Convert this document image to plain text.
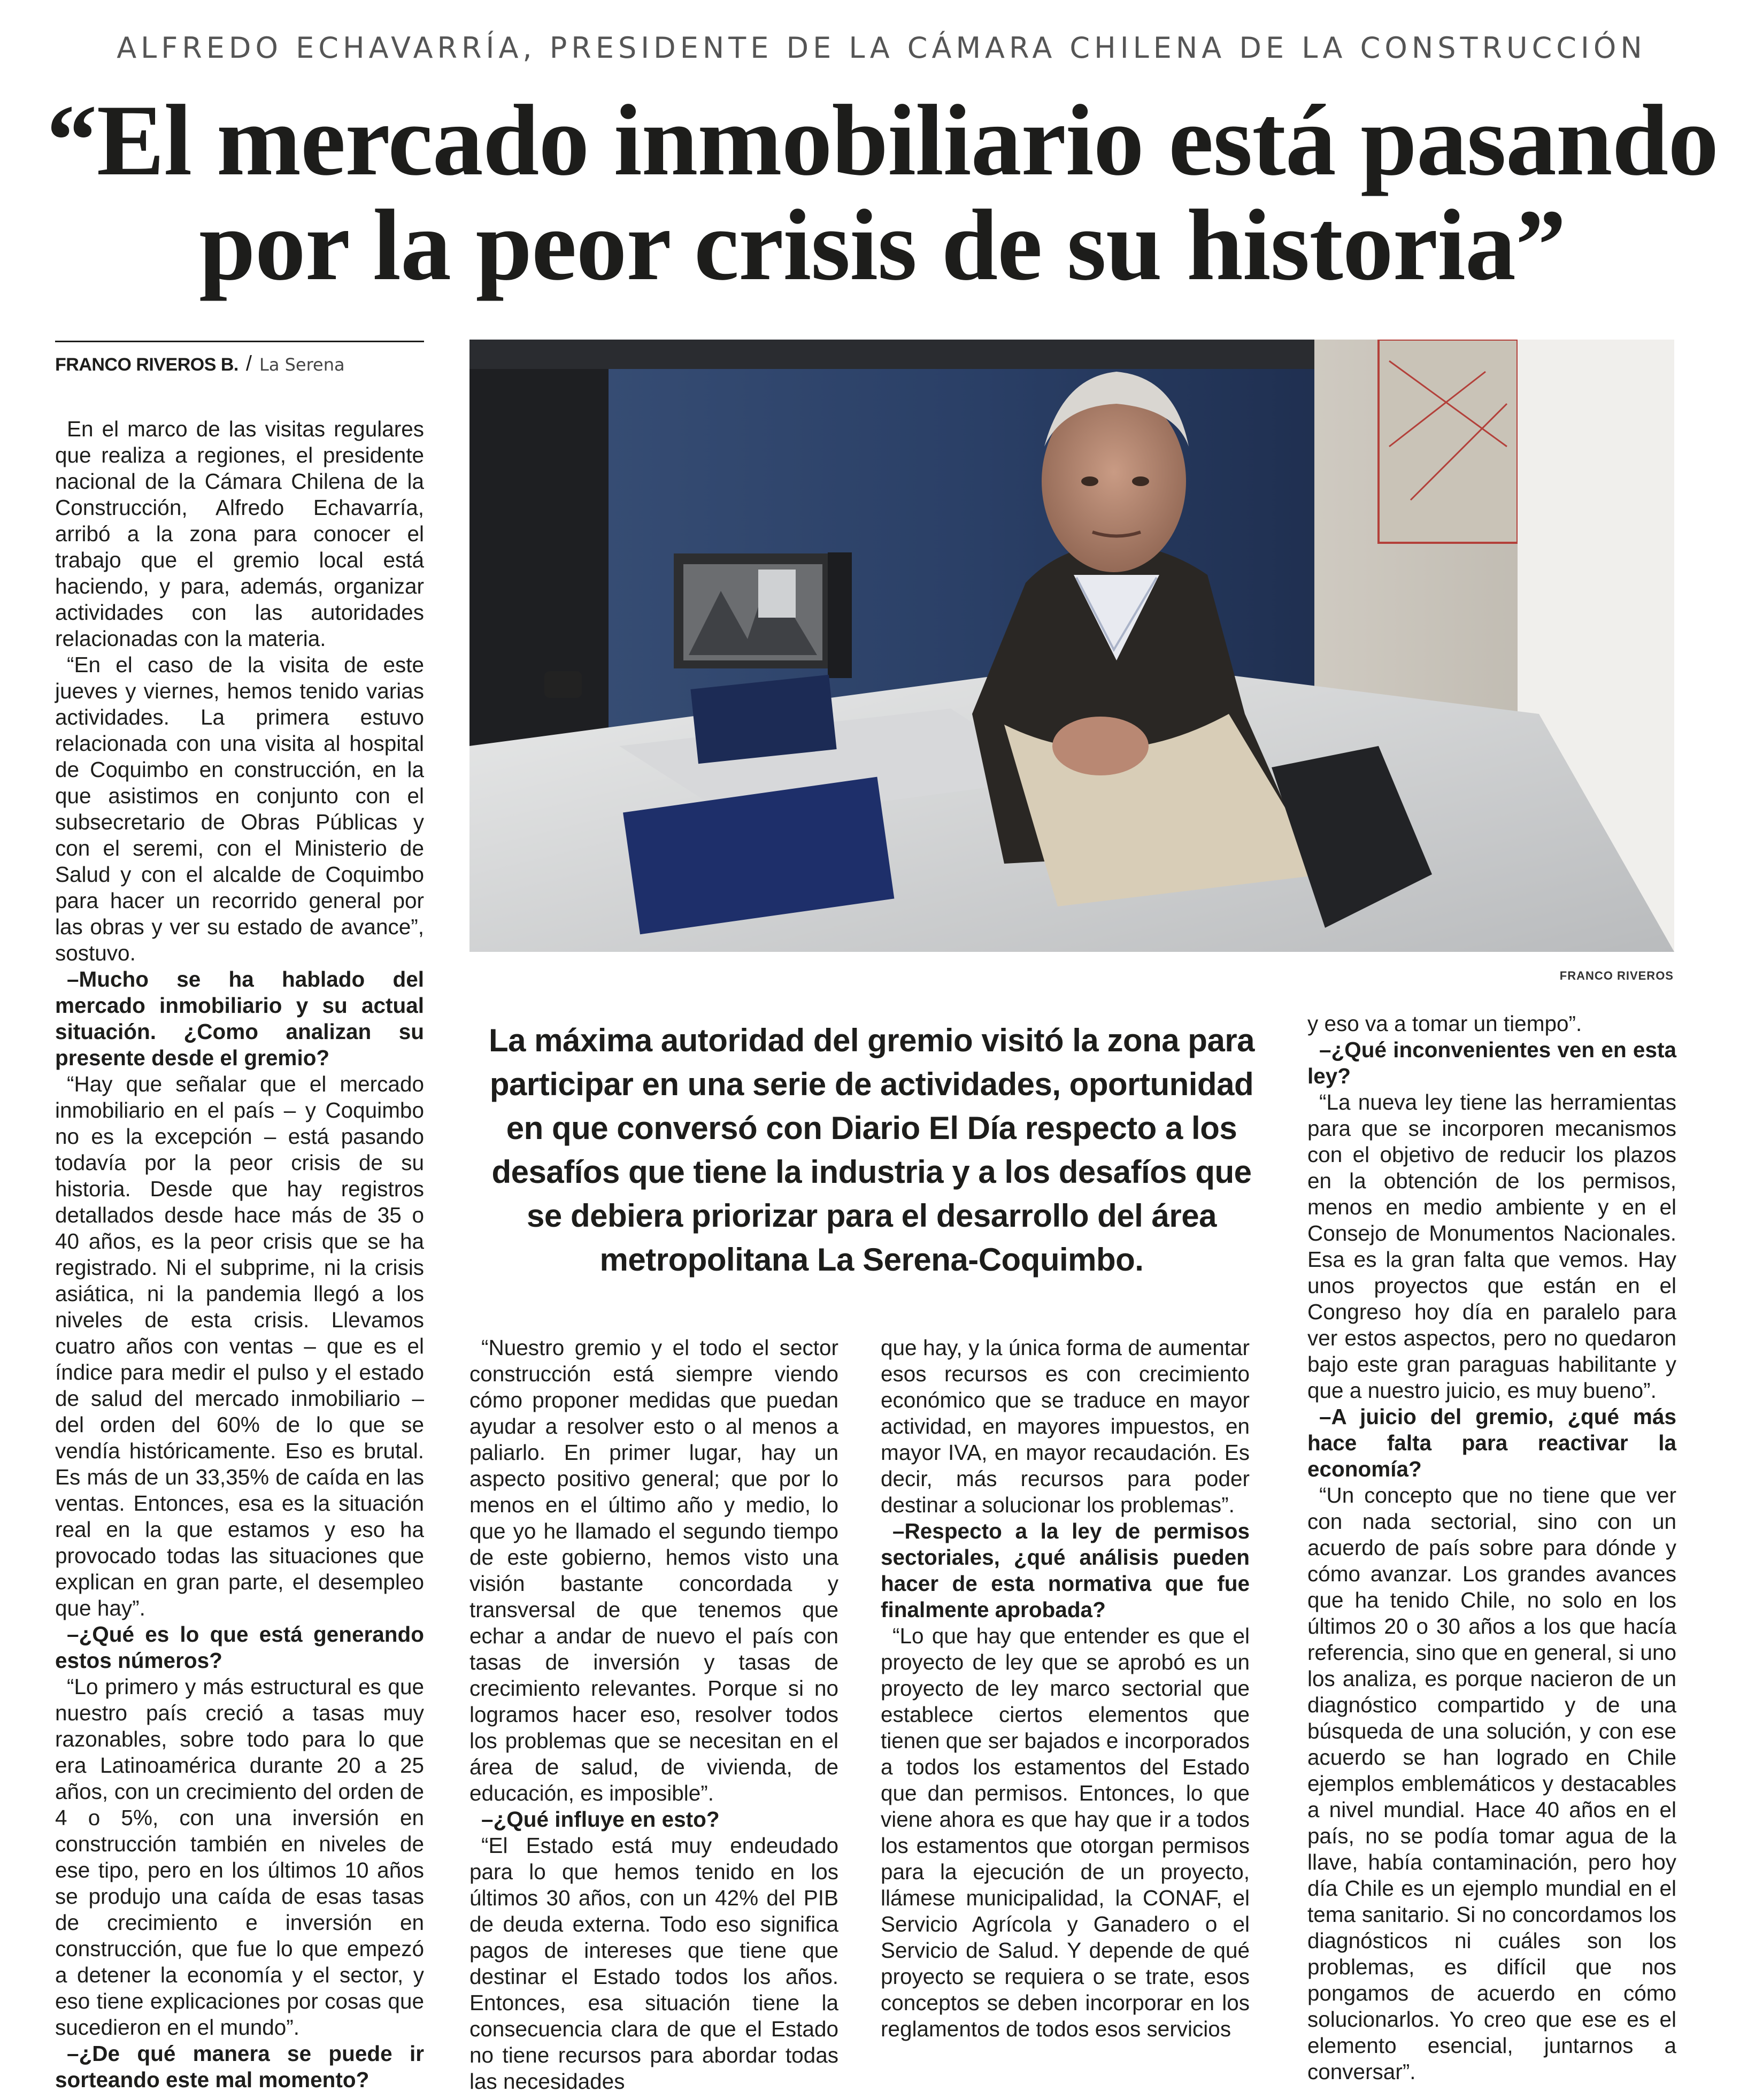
ALFREDO ECHAVARRÍA, PRESIDENTE DE LA CÁMARA CHILENA DE LA CONSTRUCCIÓN
“El mercado inmobiliario está pasando por la peor crisis de su historia”
FRANCO RIVEROS B. / La Serena
FRANCO RIVEROS
La máxima autoridad del gremio visitó la zona para participar en una serie de actividades, oportunidad en que conversó con Diario El Día respecto a los desafíos que tiene la industria y a los desafíos que se debiera priorizar para el desarrollo del área metropolitana La Serena-Coquimbo.

En el marco de las visitas regulares que realiza a regiones, el presidente nacional de la Cámara Chilena de la Construcción, Alfredo Echavarría, arribó a la zona para conocer el trabajo que el gremio local está haciendo, y para, además, organizar actividades con las autoridades relacionadas con la materia.

“En el caso de la visita de este jueves y viernes, hemos tenido varias actividades. La primera estuvo relacionada con una visita al hospital de Coquimbo en construcción, en la que asistimos en conjunto con el subsecretario de Obras Públicas y con el seremi, con el Ministerio de Salud y con el alcalde de Coquimbo para hacer un recorrido general por las obras y ver su estado de avance”, sostuvo.

–Mucho se ha hablado del mercado inmobiliario y su actual situación. ¿Como analizan su presente desde el gremio?

“Hay que señalar que el mercado inmobiliario en el país – y Coquimbo no es la excepción – está pasando todavía por la peor crisis de su historia. Desde que hay registros detallados desde hace más de 35 o 40 años, es la peor crisis que se ha registrado. Ni el subprime, ni la crisis asiática, ni la pandemia llegó a los niveles de esta crisis. Llevamos cuatro años con ventas – que es el índice para medir el pulso y el estado de salud del mercado inmobiliario – del orden del 60% de lo que se vendía históricamente. Eso es brutal. Es más de un 33,35% de caída en las ventas. Entonces, esa es la situación real en la que estamos y eso ha provocado todas las situaciones que explican en gran parte, el desempleo que hay”.

–¿Qué es lo que está generando estos números?

“Lo primero y más estructural es que nuestro país creció a tasas muy razonables, sobre todo para lo que era Latinoamérica durante 20 a 25 años, con un crecimiento del orden de 4 o 5%, con una inversión en construcción también en niveles de ese tipo, pero en los últimos 10 años se produjo una caída de esas tasas de crecimiento e inversión en construcción, que fue lo que empezó a detener la economía y el sector, y eso tiene explicaciones por cosas que sucedieron en el mundo”.

–¿De qué manera se puede ir sorteando este mal momento?

“Nuestro gremio y el todo el sector construcción está siempre viendo cómo proponer medidas que puedan ayudar a resolver esto o al menos a paliarlo. En primer lugar, hay un aspecto positivo general; que por lo menos en el último año y medio, lo que yo he llamado el segundo tiempo de este gobierno, hemos visto una visión bastante concordada y transversal de que tenemos que echar a andar de nuevo el país con tasas de inversión y tasas de crecimiento relevantes. Porque si no logramos hacer eso, resolver todos los problemas que se necesitan en el área de salud, de vivienda, de educación, es imposible”.

–¿Qué influye en esto?

“El Estado está muy endeudado para lo que hemos tenido en los últimos 30 años, con un 42% del PIB de deuda externa. Todo eso significa pagos de intereses que tiene que destinar el Estado todos los años. Entonces, esa situación tiene la consecuencia clara de que el Estado no tiene recursos para abordar todas las necesidades

que hay, y la única forma de aumentar esos recursos es con crecimiento económico que se traduce en mayor actividad, en mayores impuestos, en mayor IVA, en mayor recaudación. Es decir, más recursos para poder destinar a solucionar los problemas”.

–Respecto a la ley de permisos sectoriales, ¿qué análisis pueden hacer de esta normativa que fue finalmente aprobada?

“Lo que hay que entender es que el proyecto de ley que se aprobó es un proyecto de ley marco sectorial que establece ciertos elementos que tienen que ser bajados e incorporados a todos los estamentos del Estado que dan permisos. Entonces, lo que viene ahora es que hay que ir a todos los estamentos que otorgan permisos para la ejecución de un proyecto, llámese municipalidad, la CONAF, el Servicio Agrícola y Ganadero o el Servicio de Salud. Y depende de qué proyecto se requiera o se trate, esos conceptos se deben incorporar en los reglamentos de todos esos servicios

y eso va a tomar un tiempo”.

–¿Qué inconvenientes ven en esta ley?

“La nueva ley tiene las herramientas para que se incorporen mecanismos con el objetivo de reducir los plazos en la obtención de los permisos, menos en medio ambiente y en el Consejo de Monumentos Nacionales. Esa es la gran falta que vemos. Hay unos proyectos que están en el Congreso hoy día en paralelo para ver estos aspectos, pero no quedaron bajo este gran paraguas habilitante y que a nuestro juicio, es muy bueno”.

–A juicio del gremio, ¿qué más hace falta para reactivar la economía?

“Un concepto que no tiene que ver con nada sectorial, sino con un acuerdo de país sobre para dónde y cómo avanzar. Los grandes avances que ha tenido Chile, no solo en los últimos 20 o 30 años a los que hacía referencia, sino que en general, si uno los analiza, es porque nacieron de un diagnóstico compartido y de una búsqueda de una solución, y con ese acuerdo se han logrado en Chile ejemplos emblemáticos y destacables a nivel mundial. Hace 40 años en el país, no se podía tomar agua de la llave, había contaminación, pero hoy día Chile es un ejemplo mundial en el tema sanitario. Si no concordamos los diagnósticos ni cuáles son los problemas, es difícil que nos pongamos de acuerdo en cómo solucionarlos. Yo creo que ese es el elemento esencial, juntarnos a conversar”.
